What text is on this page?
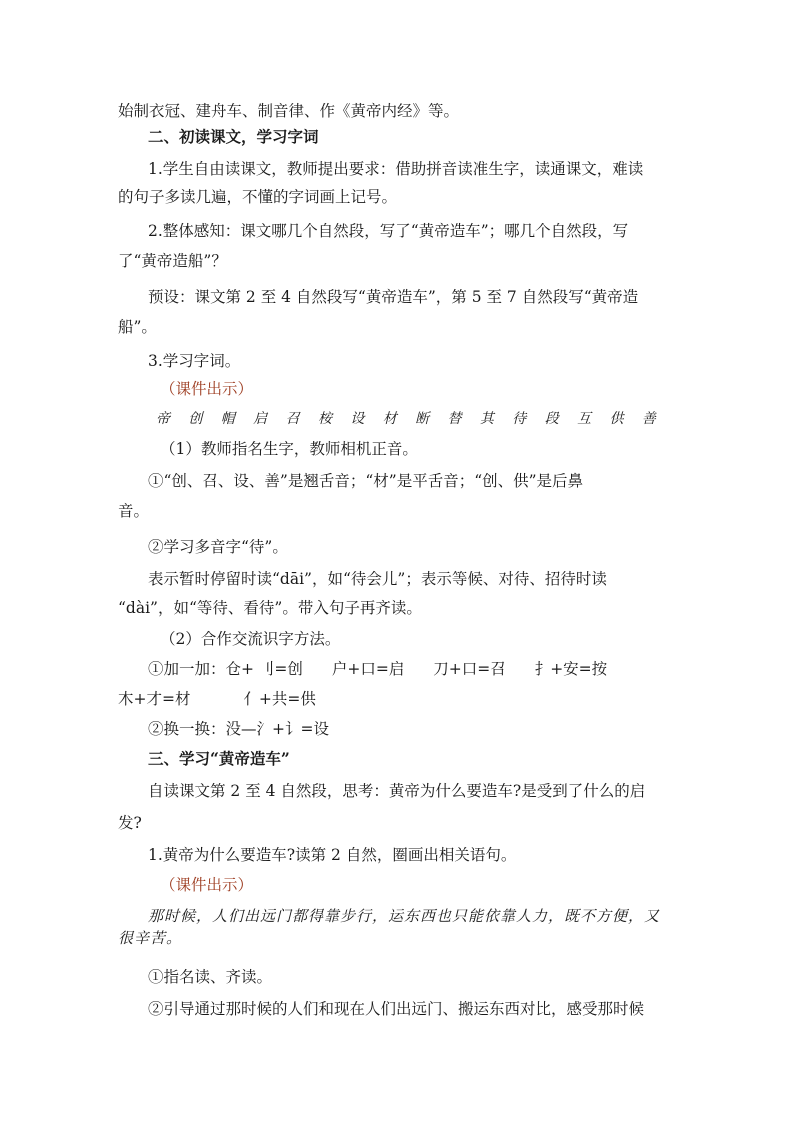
始制衣冠、建舟车、制音律、作《黄帝内经》等。

二、初读课文，学习字词

1.学生自由读课文，教师提出要求：借助拼音读准生字，读通课文，难读

的句子多读几遍，不懂的字词画上记号。

2.整体感知：课文哪几个自然段，写了“黄帝造车”；哪几个自然段，写

了“黄帝造船”？

预设：课文第 2 至 4 自然段写“黄帝造车”，第 5 至 7 自然段写“黄帝造

船”。

3.学习字词。

（课件出示）

帝 创 帽 启 召 桉 设 材 断 替 其 待 段 互 供 善

（1）教师指名生字，教师相机正音。

①“创、召、设、善”是翘舌音；“材”是平舌音；“创、供”是后鼻

音。

②学习多音字“待”。

表示暂时停留时读“dāi”，如“待会儿”；表示等候、对待、招待时读

“dài”，如“等待、看待”。带入句子再齐读。

（2）合作交流识字方法。

①加一加：仓+ 刂=创 户+口=启 刀+口=召 扌+安=按

木+才=材	亻+共=供

②换一换：没—氵+讠=设

三、学习“黄帝造车”

自读课文第 2 至 4 自然段，思考：黄帝为什么要造车?是受到了什么的启

发?

1.黄帝为什么要造车?读第 2 自然，圈画出相关语句。

（课件出示）

那时候，人们出远门都得靠步行，运东西也只能依靠人力，既不方便，又
很辛苦。

①指名读、齐读。

②引导通过那时候的人们和现在人们出远门、搬运东西对比，感受那时候
